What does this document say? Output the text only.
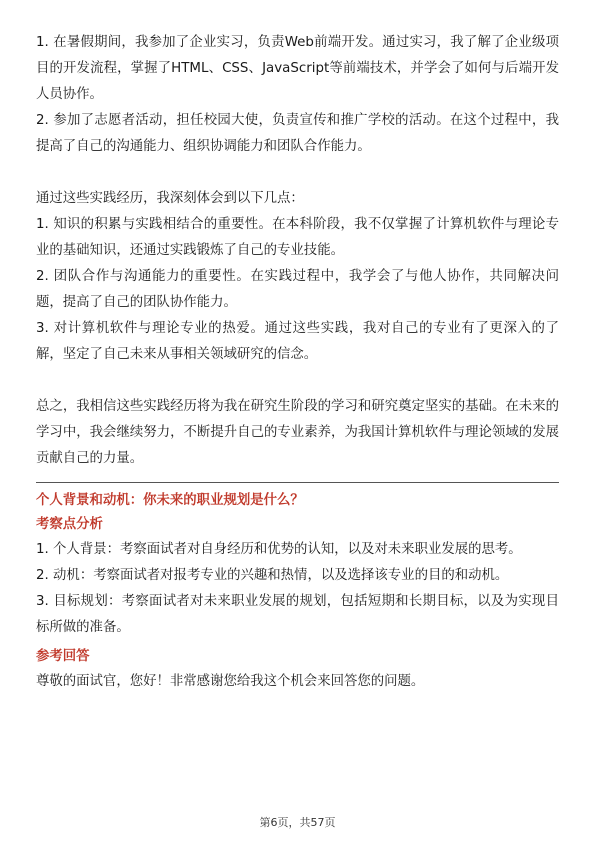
1. 在暑假期间，我参加了企业实习，负责Web前端开发。通过实习，我了解了企业级项目的开发流程，掌握了HTML、CSS、JavaScript等前端技术，并学会了如何与后端开发人员协作。

2. 参加了志愿者活动，担任校园大使，负责宣传和推广学校的活动。在这个过程中，我提高了自己的沟通能力、组织协调能力和团队合作能力。

通过这些实践经历，我深刻体会到以下几点：

1. 知识的积累与实践相结合的重要性。在本科阶段，我不仅掌握了计算机软件与理论专业的基础知识，还通过实践锻炼了自己的专业技能。

2. 团队合作与沟通能力的重要性。在实践过程中，我学会了与他人协作，共同解决问题，提高了自己的团队协作能力。

3. 对计算机软件与理论专业的热爱。通过这些实践，我对自己的专业有了更深入的了解，坚定了自己未来从事相关领域研究的信念。

总之，我相信这些实践经历将为我在研究生阶段的学习和研究奠定坚实的基础。在未来的学习中，我会继续努力，不断提升自己的专业素养，为我国计算机软件与理论领域的发展贡献自己的力量。

个人背景和动机：你未来的职业规划是什么？

考察点分析

1. 个人背景：考察面试者对自身经历和优势的认知，以及对未来职业发展的思考。

2. 动机：考察面试者对报考专业的兴趣和热情，以及选择该专业的目的和动机。

3. 目标规划：考察面试者对未来职业发展的规划，包括短期和长期目标，以及为实现目标所做的准备。

参考回答

尊敬的面试官，您好！非常感谢您给我这个机会来回答您的问题。

第6页，共57页
